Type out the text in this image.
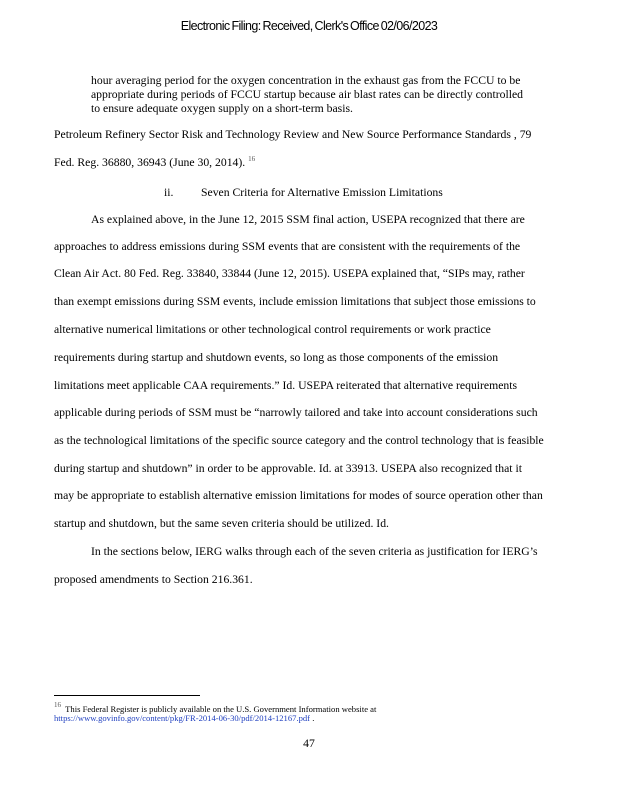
Electronic Filing: Received, Clerk's Office 02/06/2023
hour averaging period for the oxygen concentration in the exhaust gas from the FCCU to be appropriate during periods of FCCU startup because air blast rates can be directly controlled to ensure adequate oxygen supply on a short-term basis.
Petroleum Refinery Sector Risk and Technology Review and New Source Performance Standards , 79
Fed. Reg. 36880, 36943 (June 30, 2014). $^{16}$
ii. Seven Criteria for Alternative Emission Limitations
As explained above, in the June 12, 2015 SSM final action, USEPA recognized that there are
approaches to address emissions during SSM events that are consistent with the requirements of the
Clean Air Act. 80 Fed. Reg. 33840, 33844 (June 12, 2015). USEPA explained that, “SIPs may, rather
than exempt emissions during SSM events, include emission limitations that subject those emissions to
alternative numerical limitations or other technological control requirements or work practice
requirements during startup and shutdown events, so long as those components of the emission
limitations meet applicable CAA requirements.” Id. USEPA reiterated that alternative requirements
applicable during periods of SSM must be “narrowly tailored and take into account considerations such
as the technological limitations of the specific source category and the control technology that is feasible
during startup and shutdown” in order to be approvable. Id. at 33913. USEPA also recognized that it
may be appropriate to establish alternative emission limitations for modes of source operation other than
startup and shutdown, but the same seven criteria should be utilized. Id.
In the sections below, IERG walks through each of the seven criteria as justification for IERG’s
proposed amendments to Section 216.361.
$^{16}$ This Federal Register is publicly available on the U.S. Government Information website at
https://www.govinfo.gov/content/pkg/FR-2014-06-30/pdf/2014-12167.pdf .
47
